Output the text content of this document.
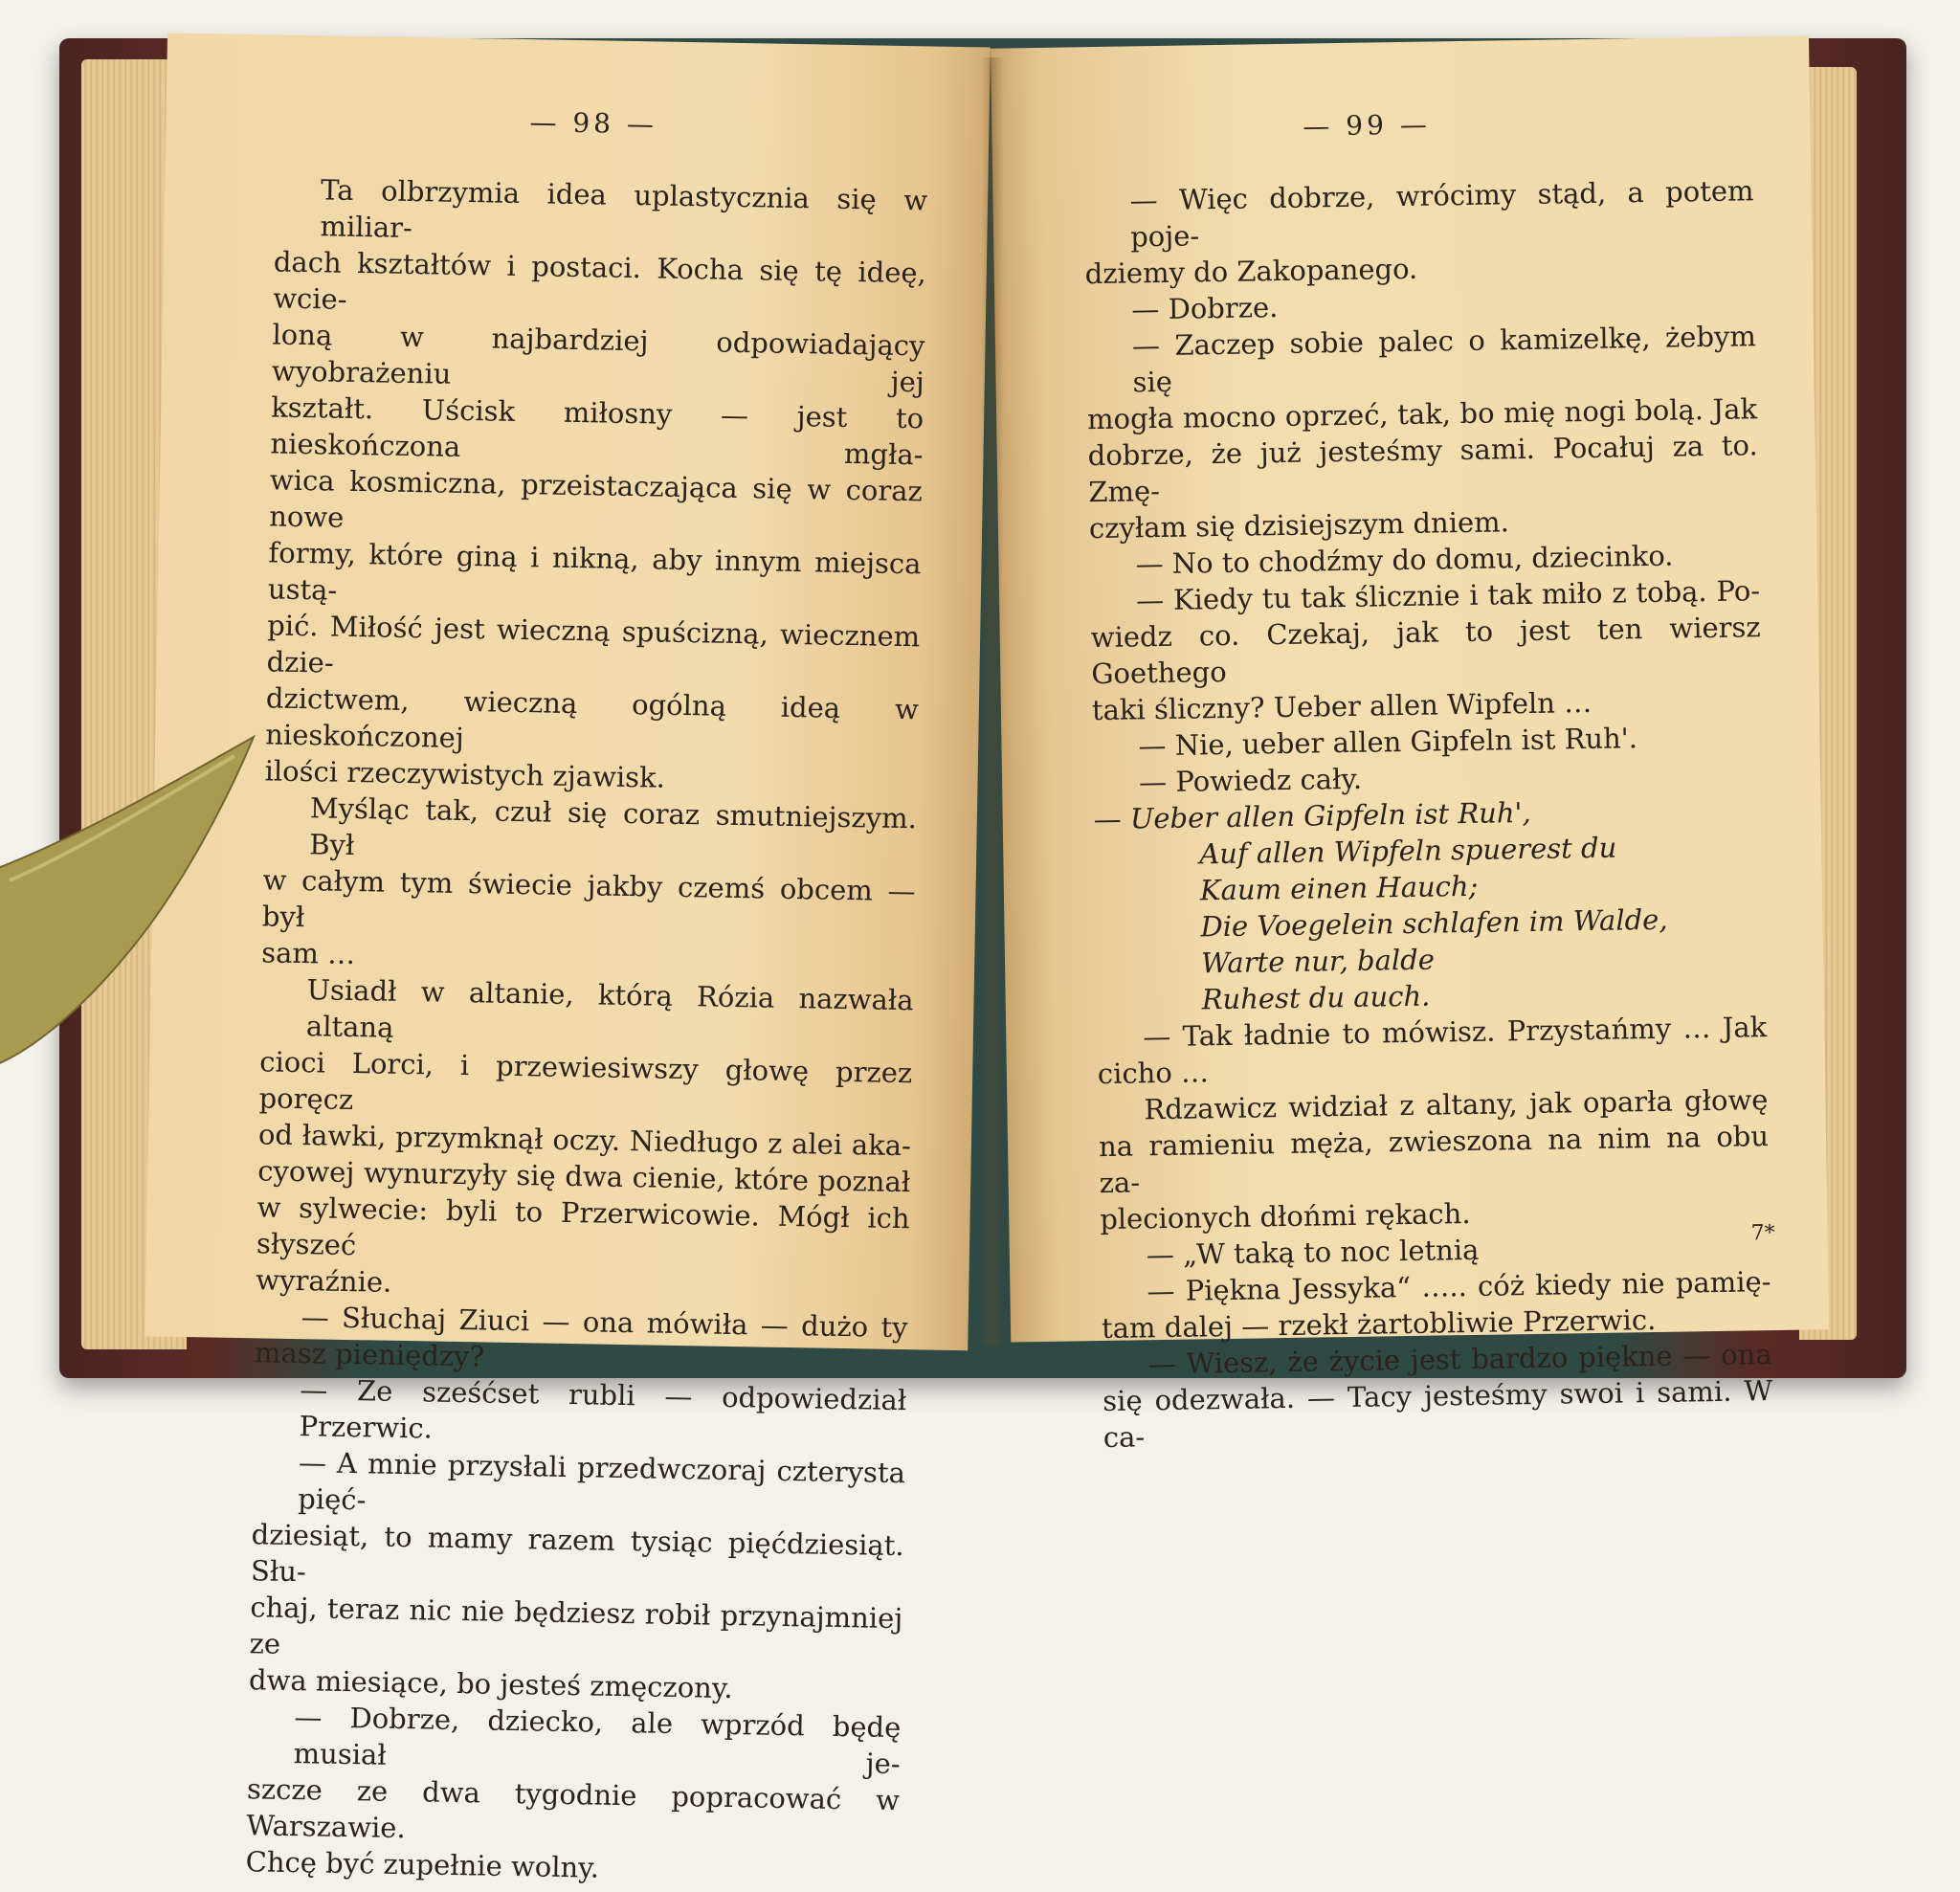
— 98 —
Ta olbrzymia idea uplastycznia się w miliar-
dach kształtów i postaci. Kocha się tę ideę, wcie-
loną w najbardziej odpowiadający wyobrażeniu jej
kształt. Uścisk miłosny — jest to nieskończona mgła-
wica kosmiczna, przeistaczająca się w coraz nowe
formy, które giną i nikną, aby innym miejsca ustą-
pić. Miłość jest wieczną spuścizną, wiecznem dzie-
dzictwem, wieczną ogólną ideą w nieskończonej
ilości rzeczywistych zjawisk.
Myśląc tak, czuł się coraz smutniejszym. Był
w całym tym świecie jakby czemś obcem — był
sam …
Usiadł w altanie, którą Rózia nazwała altaną
cioci Lorci, i przewiesiwszy głowę przez poręcz
od ławki, przymknął oczy. Niedługo z alei aka-
cyowej wynurzyły się dwa cienie, które poznał
w sylwecie: byli to Przerwicowie. Mógł ich słyszeć
wyraźnie.
— Słuchaj Ziuci — ona mówiła — dużo ty
masz pieniędzy?
— Ze sześćset rubli — odpowiedział Przerwic.
— A mnie przysłali przedwczoraj czterysta pięć-
dziesiąt, to mamy razem tysiąc pięćdziesiąt. Słu-
chaj, teraz nic nie będziesz robił przynajmniej ze
dwa miesiące, bo jesteś zmęczony.
— Dobrze, dziecko, ale wprzód będę musiał je-
szcze ze dwa tygodnie popracować w Warszawie.
Chcę być zupełnie wolny.
— 99 —
— Więc dobrze, wrócimy stąd, a potem poje-
dziemy do Zakopanego.
— Dobrze.
— Zaczep sobie palec o kamizelkę, żebym się
mogła mocno oprzeć, tak, bo mię nogi bolą. Jak
dobrze, że już jesteśmy sami. Pocałuj za to. Zmę-
czyłam się dzisiejszym dniem.
— No to chodźmy do domu, dziecinko.
— Kiedy tu tak ślicznie i tak miło z tobą. Po-
wiedz co. Czekaj, jak to jest ten wiersz Goethego
taki śliczny? Ueber allen Wipfeln …
— Nie, ueber allen Gipfeln ist Ruh'.
— Powiedz cały.
— Ueber allen Gipfeln ist Ruh',
Auf allen Wipfeln spuerest du
Kaum einen Hauch;
Die Voegelein schlafen im Walde,
Warte nur, balde
Ruhest du auch.
— Tak ładnie to mówisz. Przystańmy … Jak
cicho …
Rdzawicz widział z altany, jak oparła głowę
na ramieniu męża, zwieszona na nim na obu za-
plecionych dłońmi rękach.
— „W taką to noc letnią
— Piękna Jessyka“ ….. cóż kiedy nie pamię-
tam dalej — rzekł żartobliwie Przerwic.
— Wiesz, że życie jest bardzo piękne — ona
się odezwała. — Tacy jesteśmy swoi i sami. W ca-
7*
